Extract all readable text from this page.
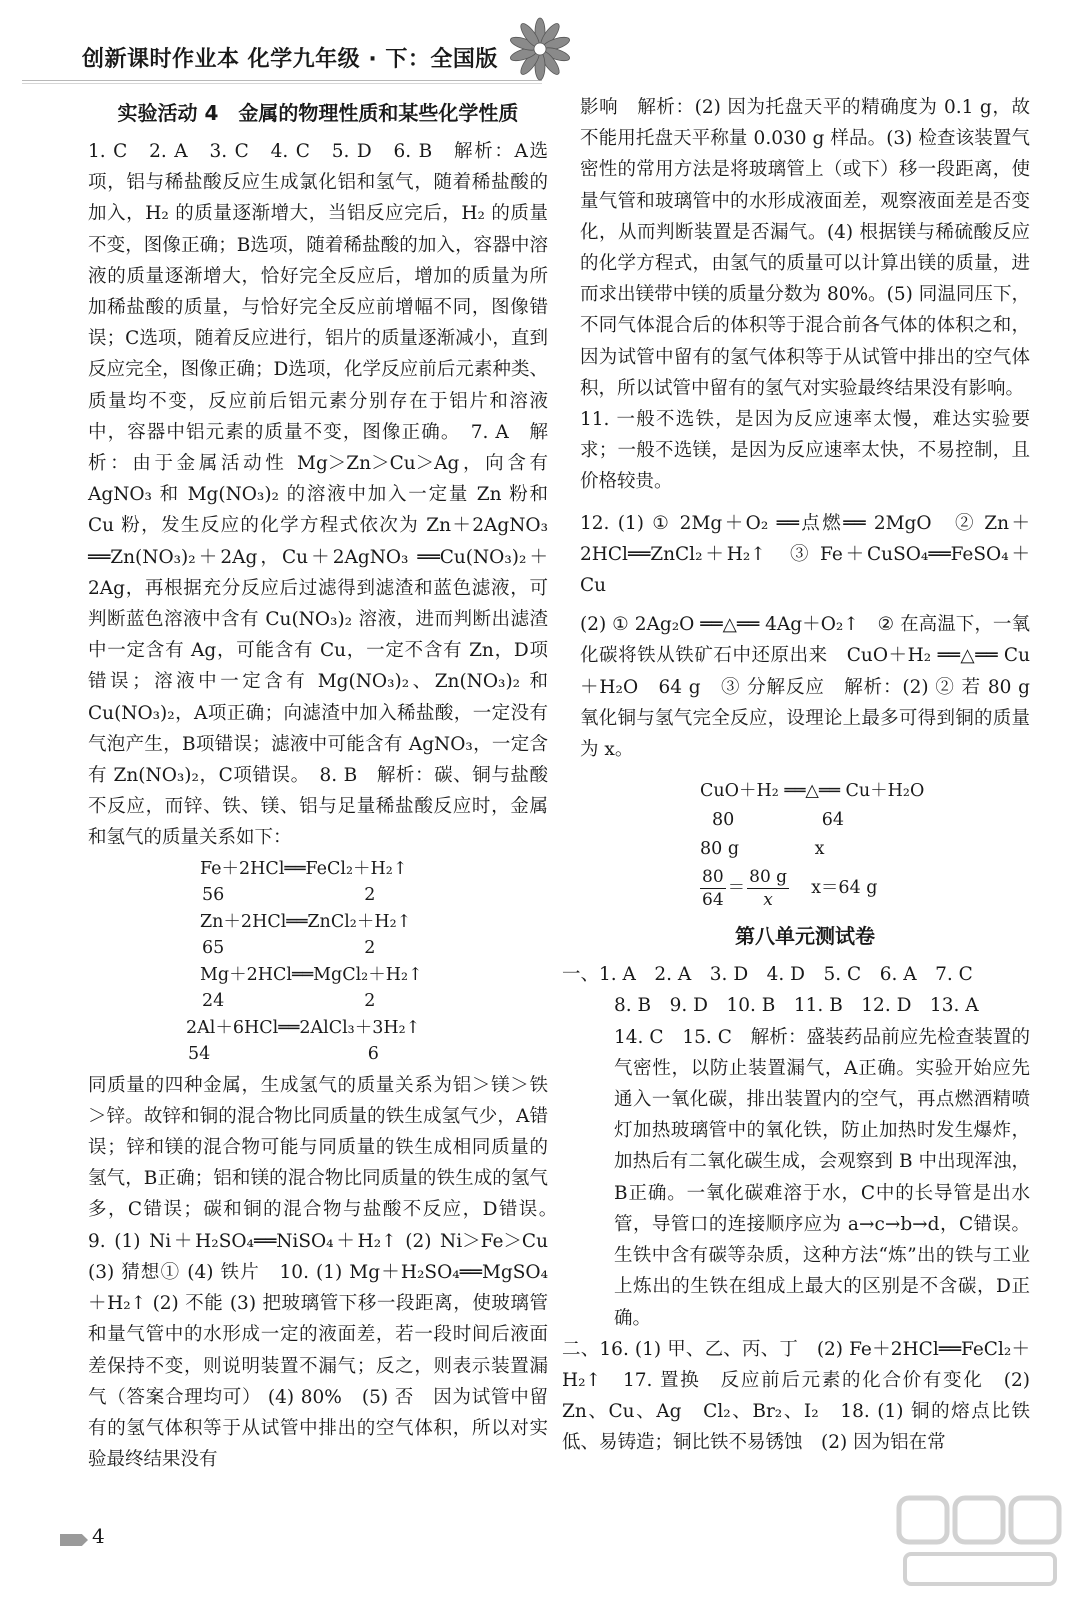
创新课时作业本 化学九年级 · 下：全国版
实验活动 4　金属的物理性质和某些化学性质

1. C　2. A　3. C　4. C　5. D　6. B　解析：A选项，铝与稀盐酸反应生成氯化铝和氢气，随着稀盐酸的加入，H₂ 的质量逐渐增大，当铝反应完后，H₂ 的质量不变，图像正确；B选项，随着稀盐酸的加入，容器中溶液的质量逐渐增大，恰好完全反应后，增加的质量为所加稀盐酸的质量，与恰好完全反应前增幅不同，图像错误；C选项，随着反应进行，铝片的质量逐渐减小，直到反应完全，图像正确；D选项，化学反应前后元素种类、质量均不变，反应前后铝元素分别存在于铝片和溶液中，容器中铝元素的质量不变，图像正确。　7. A　解析：由于金属活动性 Mg＞Zn＞Cu＞Ag，向含有 AgNO₃ 和 Mg(NO₃)₂ 的溶液中加入一定量 Zn 粉和 Cu 粉，发生反应的化学方程式依次为 Zn＋2AgNO₃ ══Zn(NO₃)₂＋2Ag，Cu＋2AgNO₃ ══Cu(NO₃)₂＋2Ag，再根据充分反应后过滤得到滤渣和蓝色滤液，可判断蓝色溶液中含有 Cu(NO₃)₂ 溶液，进而判断出滤渣中一定含有 Ag，可能含有 Cu，一定不含有 Zn，D项错误；溶液中一定含有 Mg(NO₃)₂、Zn(NO₃)₂ 和 Cu(NO₃)₂，A项正确；向滤渣中加入稀盐酸，一定没有气泡产生，B项错误；滤液中可能含有 AgNO₃，一定含有 Zn(NO₃)₂，C项错误。　8. B　解析：碳、铜与盐酸不反应，而锌、铁、镁、铝与足量稀盐酸反应时，金属和氢气的质量关系如下：

Fe＋2HCl══FeCl₂＋H₂↑
56　　　　　　　　2
Zn＋2HCl══ZnCl₂＋H₂↑
65　　　　　　　　2
Mg＋2HCl══MgCl₂＋H₂↑
24　　　　　　　　2
2Al＋6HCl══2AlCl₃＋3H₂↑
54　　　　　　　　　6

同质量的四种金属，生成氢气的质量关系为铝＞镁＞铁＞锌。故锌和铜的混合物比同质量的铁生成氢气少，A错误；锌和镁的混合物可能与同质量的铁生成相同质量的氢气，B正确；铝和镁的混合物比同质量的铁生成的氢气多，C错误；碳和铜的混合物与盐酸不反应，D错误。　9. (1) Ni＋H₂SO₄══NiSO₄＋H₂↑ (2) Ni＞Fe＞Cu (3) 猜想① (4) 铁片　10. (1) Mg＋H₂SO₄══MgSO₄＋H₂↑ (2) 不能 (3) 把玻璃管下移一段距离，使玻璃管和量气管中的水形成一定的液面差，若一段时间后液面差保持不变，则说明装置不漏气；反之，则表示装置漏气（答案合理均可） (4) 80%　(5) 否　因为试管中留有的氢气体积等于从试管中排出的空气体积，所以对实验最终结果没有

影响　解析：(2) 因为托盘天平的精确度为 0.1 g，故不能用托盘天平称量 0.030 g 样品。(3) 检查该装置气密性的常用方法是将玻璃管上（或下）移一段距离，使量气管和玻璃管中的水形成液面差，观察液面差是否变化，从而判断装置是否漏气。(4) 根据镁与稀硫酸反应的化学方程式，由氢气的质量可以计算出镁的质量，进而求出镁带中镁的质量分数为 80%。(5) 同温同压下，不同气体混合后的体积等于混合前各气体的体积之和，因为试管中留有的氢气体积等于从试管中排出的空气体积，所以试管中留有的氢气对实验最终结果没有影响。

11. 一般不选铁，是因为反应速率太慢，难达实验要求；一般不选镁，是因为反应速率太快，不易控制，且价格较贵。

12. (1) ① 2Mg＋O₂ ══点燃══ 2MgO　② Zn＋2HCl══ZnCl₂＋H₂↑　③ Fe＋CuSO₄══FeSO₄＋Cu

(2) ① 2Ag₂O ══△══ 4Ag＋O₂↑　② 在高温下，一氧化碳将铁从铁矿石中还原出来　CuO＋H₂ ══△══ Cu＋H₂O　64 g　③ 分解反应　解析：(2) ② 若 80 g 氧化铜与氢气完全反应，设理论上最多可得到铜的质量为 x。

CuO＋H₂ ══△══ Cu＋H₂O
80　　　　　64
80 g　　　　 x
$\frac{80}{64} = \frac{80 g}{x} x=64$ g
第八单元测试卷

一、1. A　2. A　3. D　4. D　5. C　6. A　7. C

8. B　9. D　10. B　11. B　12. D　13. A

14. C　15. C　解析：盛装药品前应先检查装置的气密性，以防止装置漏气，A正确。实验开始应先通入一氧化碳，排出装置内的空气，再点燃酒精喷灯加热玻璃管中的氧化铁，防止加热时发生爆炸，加热后有二氧化碳生成，会观察到 B 中出现浑浊，B正确。一氧化碳难溶于水，C中的长导管是出水管，导管口的连接顺序应为 a→c→b→d，C错误。生铁中含有碳等杂质，这种方法“炼”出的铁与工业上炼出的生铁在组成上最大的区别是不含碳，D正确。

二、16. (1) 甲、乙、丙、丁　(2) Fe＋2HCl══FeCl₂＋H₂↑　17. 置换　反应前后元素的化合价有变化　(2) Zn、Cu、Ag　Cl₂、Br₂、I₂　18. (1) 铜的熔点比铁低、易铸造；铜比铁不易锈蚀　(2) 因为铝在常

4
